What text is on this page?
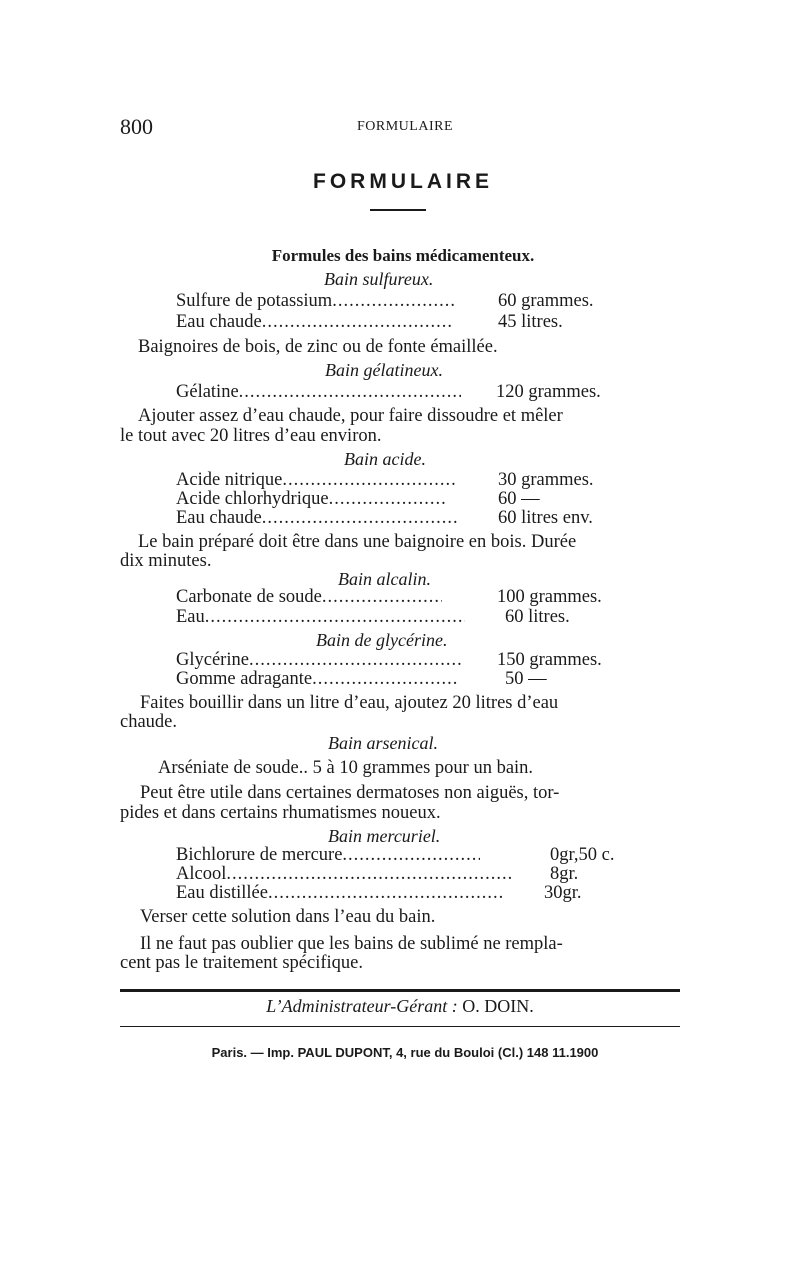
800	FORMULAIRE
FORMULAIRE
Formules des bains médicamenteux.
Bain sulfureux.
Sulfure de potassium .....	60 grammes.
Eau chaude .....	45 litres.
Baignoires de bois, de zinc ou de fonte émaillée.
Bain gélatineux.
Gélatine .....	120 grammes.
Ajouter assez d’eau chaude, pour faire dissoudre et mêler
le tout avec 20 litres d’eau environ.
Bain acide.
Acide nitrique .....	30 grammes.
Acide chlorhydrique .....	60 —
Eau chaude .....	60 litres env.
Le bain préparé doit être dans une baignoire en bois. Durée
dix minutes.
Bain alcalin.
Carbonate de soude .....	100 grammes.
Eau .....	60 litres.
Bain de glycérine.
Glycérine .....	150 grammes.
Gomme adragante .....	50 —
Faites bouillir dans un litre d’eau, ajoutez 20 litres d’eau
chaude.
Bain arsenical.
Arséniate de soude.. 5 à 10 grammes pour un bain.
Peut être utile dans certaines dermatoses non aiguës, tor-
pides et dans certains rhumatismes noueux.
Bain mercuriel.
Bichlorure de mercure .....	0gr,50 c.
Alcool .....	8gr.
Eau distillée .....	30gr.
Verser cette solution dans l’eau du bain.
Il ne faut pas oublier que les bains de sublimé ne rempla-
cent pas le traitement spécifique.
L’Administrateur-Gérant : O. DOIN.
Paris. — Imp. PAUL DUPONT, 4, rue du Bouloi (Cl.) 148 11.1900
